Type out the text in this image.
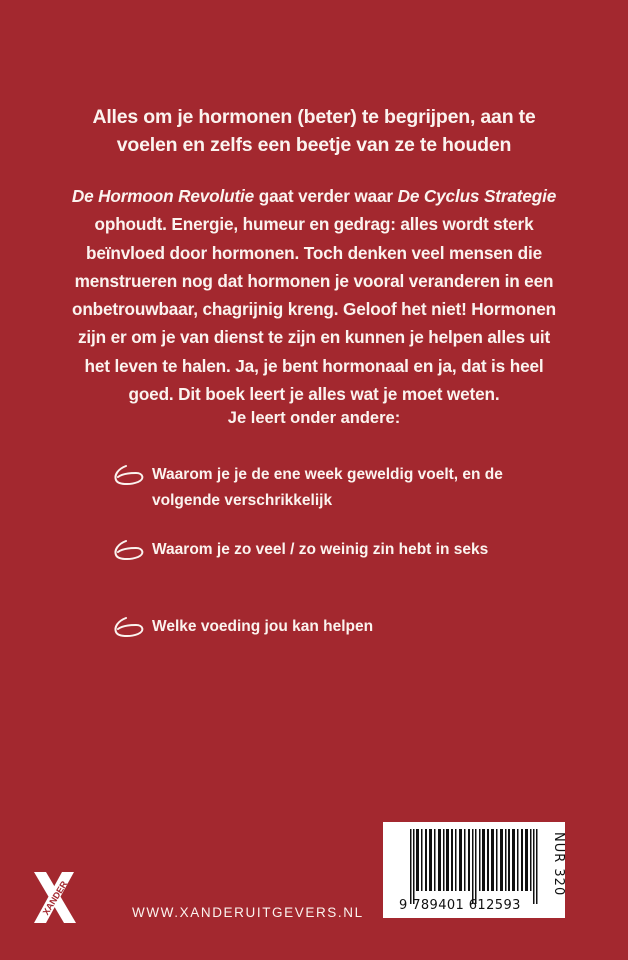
Alles om je hormonen (beter) te begrijpen, aan te voelen en zelfs een beetje van ze te houden
De Hormoon Revolutie gaat verder waar De Cyclus Strategie ophoudt. Energie, humeur en gedrag: alles wordt sterk beïnvloed door hormonen. Toch denken veel mensen die menstrueren nog dat hormonen je vooral veranderen in een onbetrouwbaar, chagrijnig kreng. Geloof het niet! Hormonen zijn er om je van dienst te zijn en kunnen je helpen alles uit het leven te halen. Ja, je bent hormonaal en ja, dat is heel goed. Dit boek leert je alles wat je moet weten.
Je leert onder andere:
Waarom je je de ene week geweldig voelt, en de volgende verschrikkelijk
Waarom je zo veel / zo weinig zin hebt in seks
Welke voeding jou kan helpen
XANDER	WWW.XANDERUITGEVERS.NL	9 789401 612593
NUR 320
